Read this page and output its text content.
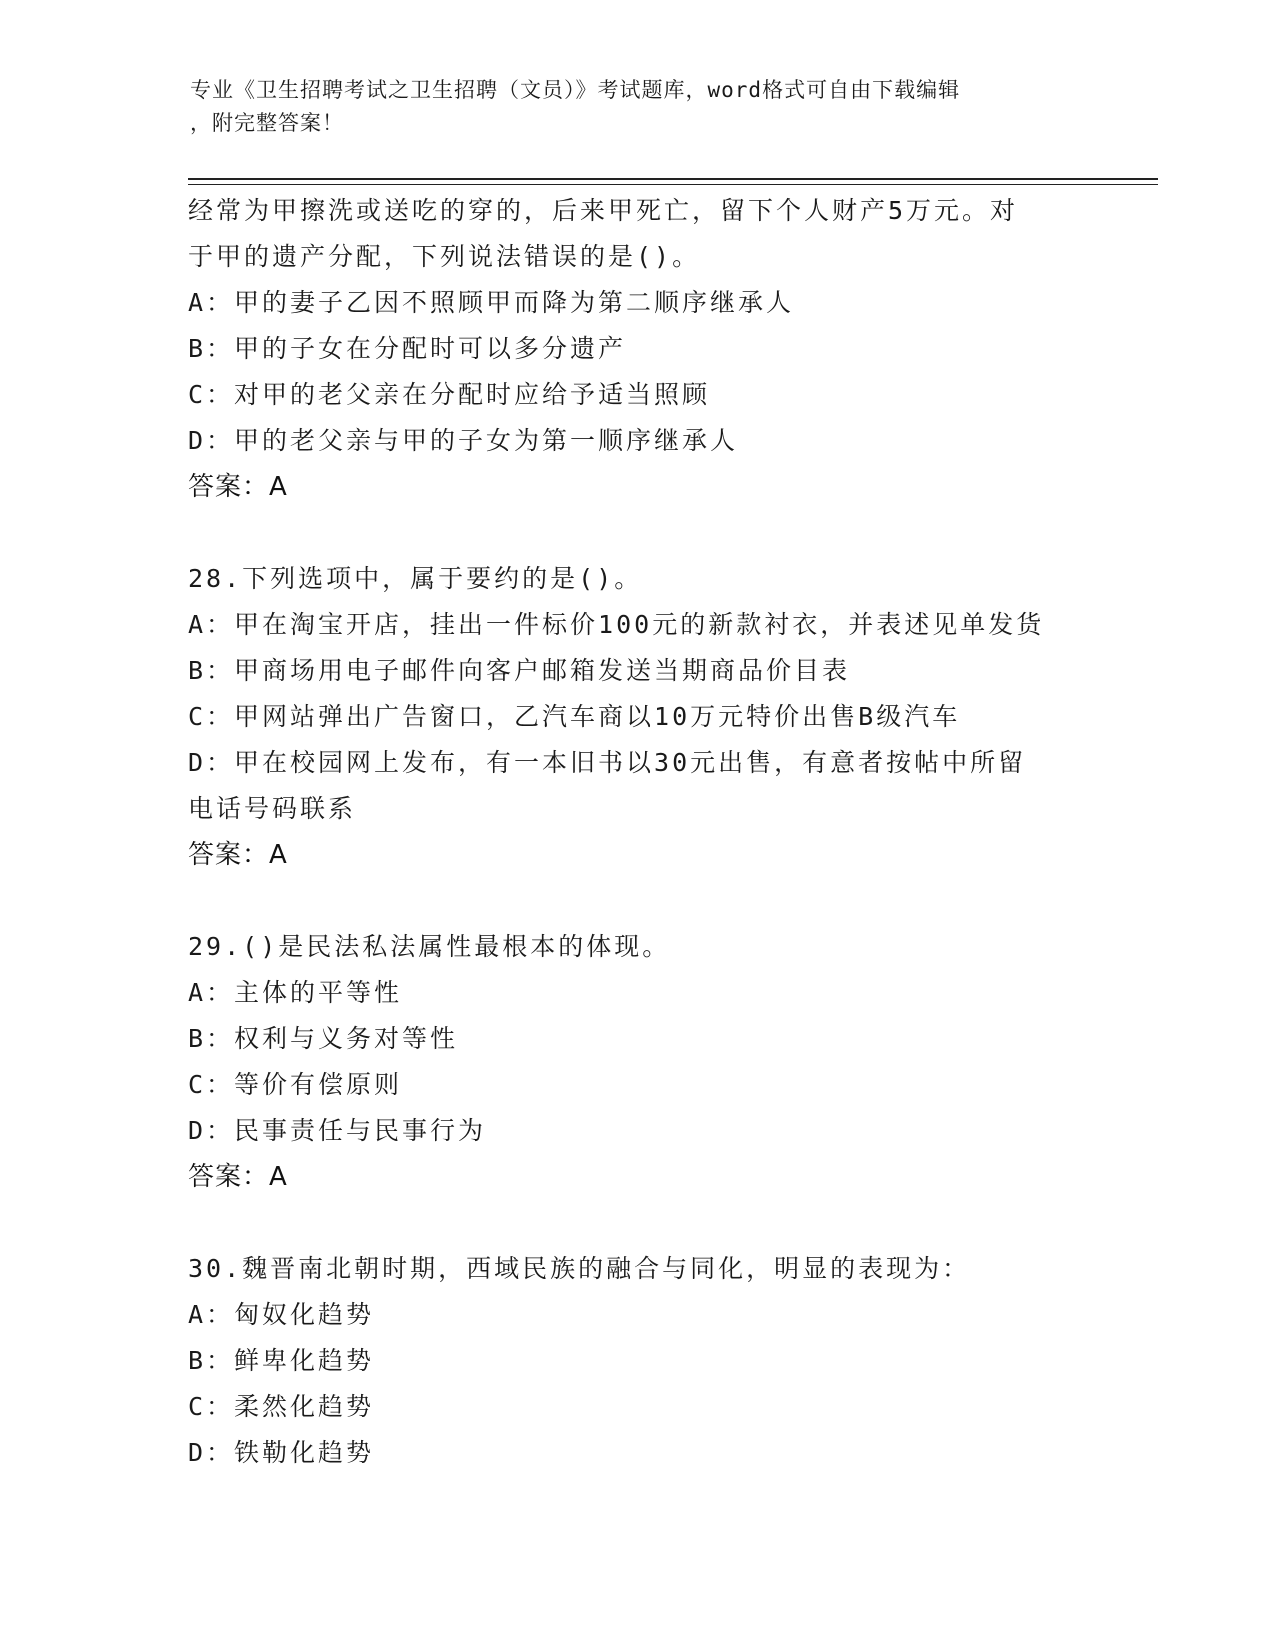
专业《卫生招聘考试之卫生招聘（文员）》考试题库，word格式可自由下载编辑
，附完整答案！
经常为甲擦洗或送吃的穿的，后来甲死亡，留下个人财产5万元。对
于甲的遗产分配，下列说法错误的是()。
A：甲的妻子乙因不照顾甲而降为第二顺序继承人
B：甲的子女在分配时可以多分遗产
C：对甲的老父亲在分配时应给予适当照顾
D：甲的老父亲与甲的子女为第一顺序继承人
答案：A
28.下列选项中，属于要约的是()。
A：甲在淘宝开店，挂出一件标价100元的新款衬衣，并表述见单发货
B：甲商场用电子邮件向客户邮箱发送当期商品价目表
C：甲网站弹出广告窗口，乙汽车商以10万元特价出售B级汽车
D：甲在校园网上发布，有一本旧书以30元出售，有意者按帖中所留
电话号码联系
答案：A
29.()是民法私法属性最根本的体现。
A：主体的平等性
B：权利与义务对等性
C：等价有偿原则
D：民事责任与民事行为
答案：A
30.魏晋南北朝时期，西域民族的融合与同化，明显的表现为：
A：匈奴化趋势
B：鲜卑化趋势
C：柔然化趋势
D：铁勒化趋势
